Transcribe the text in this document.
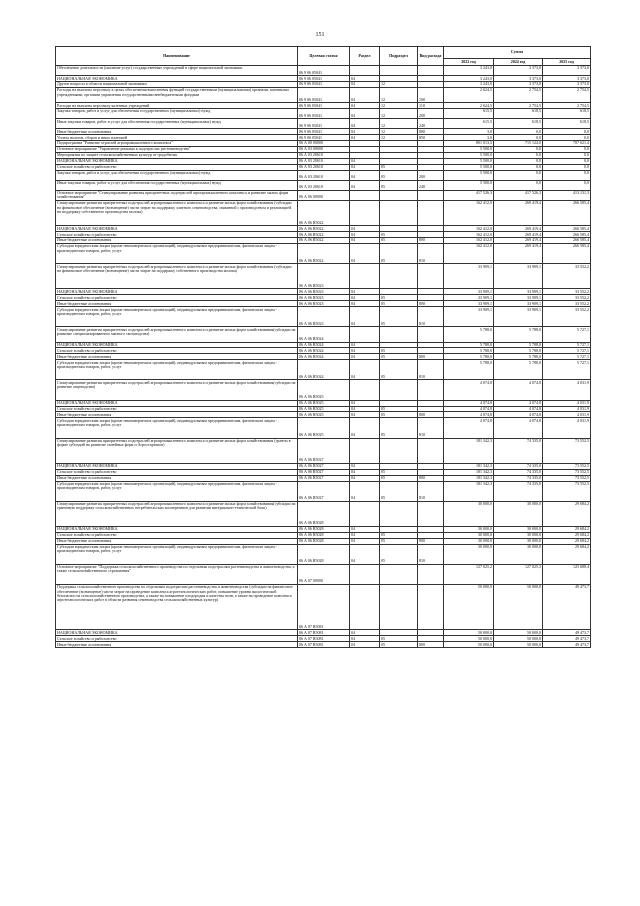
151
Наименование	Целевая статья	Раздел	Подраздел	Вид расхода	Сумма		
					2022 год	2024 год	2025 год
Обеспечение деятельности (оказание услуг) государственных учреждений в сфере национальной экономики	06 9 06 05041				3 243,0	3 373,0	3 373,0
НАЦИОНАЛЬНАЯ ЭКОНОМИКА	06 9 06 05041	04			3 243,0	3 373,0	3 373,0
Другие вопросы в области национальной экономики	06 9 06 05041	04	12		3 243,0	3 373,0	3 373,0
Расходы на выплаты персоналу в целях обеспечения выполнения функций государственными (муниципальными) органами, казенными учреждениями, органами управления государственными внебюджетными фондами	06 9 06 05041	04	12	100	2 624,5	2 754,5	2 754,5
Расходы на выплаты персоналу казенных учреждений	06 9 06 05041	04	12	110	2 624,5	2 754,5	2 754,5
Закупка товаров, работ и услуг для обеспечения государственных (муниципальных) нужд	06 9 06 05041	04	12	200	615,5	618,5	618,5
Иные закупки товаров, работ и услуг для обеспечения государственных (муниципальных) нужд	06 9 06 05041	04	12	240	615,5	618,5	618,5
Иные бюджетные ассигнования	06 9 06 05041	04	12	800	3,0	0,0	0,0
Уплата налогов, сборов и иных платежей	06 9 06 05041	04	12	850	3,0	0,0	0,0
Подпрограмма "Развитие отраслей агропромышленного комплекса"	06 А 00 00000				801 013,5	715 124,0	707 621,4
Основное мероприятие "Управление рисками в подотраслях растениеводства"	06 А 03 00000				5 500,0	0,0	0,0
Мероприятия по защите сельскохозяйственных культур от градобития	06 А 03 20610				5 500,0	0,0	0,0
НАЦИОНАЛЬНАЯ ЭКОНОМИКА	06 А 03 20610	04			5 500,0	0,0	0,0
Сельское хозяйство и рыболовство	06 А 03 20610	04	05		5 500,0	0,0	0,0
Закупка товаров, работ и услуг для обеспечения государственных (муниципальных) нужд	06 А 03 20610	04	05	200	5 500,0	0,0	0,0
Иные закупки товаров, работ и услуг для обеспечения государственных (муниципальных) нужд	06 А 03 20610	04	05	240	5 500,0	0,0	0,0
Основное мероприятие "Стимулирование развития приоритетных подотраслей агропромышленного комплекса и развитие малых форм хозяйствования"	06 А 06 00000				417 526,3	417 526,3	413 131,3
Стимулирование развития приоритетных подотраслей агропромышленного комплекса и развитие малых форм хозяйствования (субсидии на финансовое обеспечение (возмещение) части затрат на поддержку элитного семеноводства, связанной с производством и реализацией на поддержку собственного производства молока)	06 А 06 R5022				162 412,0	269 419,4	266 585,4
НАЦИОНАЛЬНАЯ ЭКОНОМИКА	06 А 06 R5022	04			162 412,0	269 419,4	266 585,4
Сельское хозяйство и рыболовство	06 А 06 R5022	04	05		162 412,0	269 419,4	266 585,4
Иные бюджетные ассигнования	06 А 06 R5022	04	05	800	162 412,0	269 419,4	266 585,4
Субсидии юридическим лицам (кроме некоммерческих организаций), индивидуальным предпринимателям, физическим лицам - производителям товаров, работ, услуг	06 А 06 R5022	04	05	810	162 412,0	269 419,4	266 585,4
Стимулирование развития приоритетных подотраслей агропромышленного комплекса и развитие малых форм хозяйствования (субсидии на финансовое обеспечение (возмещение) части затрат на поддержку собственного производства молока)	06 А 06 R5023				33 909,1	33 909,1	33 552,2
НАЦИОНАЛЬНАЯ ЭКОНОМИКА	06 А 06 R5023	04			33 909,1	33 909,1	33 552,2
Сельское хозяйство и рыболовство	06 А 06 R5023	04	05		33 909,1	33 909,1	33 552,2
Иные бюджетные ассигнования	06 А 06 R5023	04	05	800	33 909,1	33 909,1	33 552,2
Субсидии юридическим лицам (кроме некоммерческих организаций), индивидуальным предпринимателям, физическим лицам - производителям товаров, работ, услуг	06 А 06 R5023	04	05	810	33 909,1	33 909,1	33 552,2
Стимулирование развития приоритетных подотраслей агропромышленного комплекса и развитие малых форм хозяйствования(субсидии на развитие специализированного мясного скотоводства)	06 А 06 R5024				5 788,0	5 788,0	5 727,1
НАЦИОНАЛЬНАЯ ЭКОНОМИКА	06 А 06 R5024	04			5 788,0	5 788,0	5 727,1
Сельское хозяйство и рыболовство	06 А 06 R5024	04	05		5 788,0	5 788,0	5 727,1
Иные бюджетные ассигнования	06 А 06 R5024	04	05	800	5 788,0	5 788,0	5 727,1
Субсидии юридическим лицам (кроме некоммерческих организаций), индивидуальным предпринимателям, физическим лицам - производителям товаров, работ, услуг	06 А 06 R5024	04	05	810	5 788,0	5 788,0	5 727,1
Стимулирование развития приоритетных подотраслей агропромышленного комплекса и развитие малых форм хозяйствования(субсидии на развитие овцеводства)	06 А 06 R5025				4 074,8	4 074,8	4 031,9
НАЦИОНАЛЬНАЯ ЭКОНОМИКА	06 А 06 R5025	04			4 074,8	4 074,8	4 031,9
Сельское хозяйство и рыболовство	06 А 06 R5025	04	05		4 074,8	4 074,8	4 031,9
Иные бюджетные ассигнования	06 А 06 R5025	04	05	800	4 074,8	4 074,8	4 031,9
Субсидии юридическим лицам (кроме некоммерческих организаций), индивидуальным предпринимателям, физическим лицам - производителям товаров, работ, услуг	06 А 06 R5025	04	05	810	4 074,8	4 074,8	4 031,9
Стимулирование развития приоритетных подотраслей агропромышленного комплекса и развитие малых форм хозяйствования (гранты в форме субсидий на развитие семейных ферм и Агростартапов)	06 А 06 R5027				181 342,3	74 335,0	73 552,5
НАЦИОНАЛЬНАЯ ЭКОНОМИКА	06 А 06 R5027	04			181 342,3	74 335,0	73 552,5
Сельское хозяйство и рыболовство	06 А 06 R5027	04	05		181 342,3	74 335,0	73 552,5
Иные бюджетные ассигнования	06 А 06 R5027	04	05	800	181 342,3	74 335,0	73 552,5
Субсидии юридическим лицам (кроме некоммерческих организаций), индивидуальным предпринимателям, физическим лицам - производителям товаров, работ, услуг	06 А 06 R5027	04	05	810	181 342,3	74 335,0	73 552,5
Стимулирование развития приоритетных подотраслей агропромышленного комплекса и развитие малых форм хозяйствования(субсидии на грантовую поддержку сельскохозяйственных потребительских кооперативов для развития материально-технической базы)	06 А 06 R5028				30 000,0	30 000,0	29 684,2
НАЦИОНАЛЬНАЯ ЭКОНОМИКА	06 А 06 R5028	04			30 000,0	30 000,0	29 684,2
Сельское хозяйство и рыболовство	06 А 06 R5028	04	05		30 000,0	30 000,0	29 684,2
Иные бюджетные ассигнования	06 А 06 R5028	04	05	800	30 000,0	30 000,0	29 684,2
Субсидии юридическим лицам (кроме некоммерческих организаций), индивидуальным предпринимателям, физическим лицам - производителям товаров, работ, услуг	06 А 06 R5028	04	05	810	30 000,0	30 000,0	29 684,2
Основное мероприятие "Поддержка сельскохозяйственного производства по отдельным подотраслям растениеводства и животноводства, а также сельскохозяйственного страхования"	06 А 07 00000				127 025,2	127 025,3	125 688,4
Поддержка сельскохозяйственного производства по отдельным подотраслям растениеводства и животноводства (субсидии на финансовое обеспечение (возмещение) части затрат на проведение комплекса агротехнологических работ, повышение уровня экологической безопасности сельскохозяйственного производства, а также на повышение плодородия и качества почв, а также на проведение комплекса агротехнологических работ в области развития семеноводства сельскохозяйственных культур)	06 А 07 R5081				50 000,0	50 000,0	49 473,7
НАЦИОНАЛЬНАЯ ЭКОНОМИКА	06 А 07 R5081	04			50 000,0	50 000,0	49 473,7
Сельское хозяйство и рыболовство	06 А 07 R5081	04	05		50 000,0	50 000,0	49 473,7
Иные бюджетные ассигнования	06 А 07 R5081	04	05	800	50 000,0	50 000,0	49 473,7
